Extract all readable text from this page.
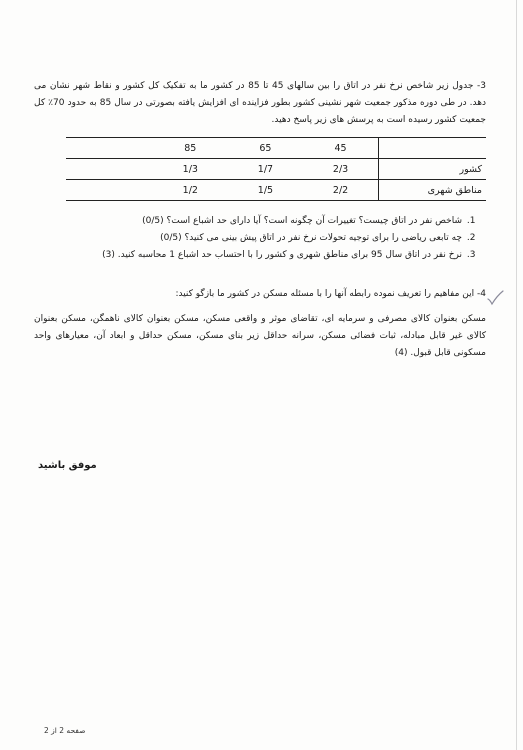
3- جدول زیر شاخص نرخ نفر در اتاق را بین سالهای 45 تا 85 در کشور ما به تفکیک کل کشور و نقاط شهر نشان می دهد. در طی دوره مذکور جمعیت شهر نشینی کشور بطور فزاینده ای افزایش یافته بصورتی در سال 85 به حدود 70٪ کل جمعیت کشور رسیده است به پرسش های زیر پاسخ دهید.

	45	65	85	
کشور	2/3	1/7	1/3	
مناطق شهری	2/2	1/5	1/2	
1. شاخص نفر در اتاق چیست؟ تغییرات آن چگونه است؟ آیا دارای حد اشباع است؟ (0/5)
2. چه تابعی ریاضی را برای توجیه تحولات نرخ نفر در اتاق پیش بینی می کنید؟ (0/5)
3. نرخ نفر در اتاق سال 95 برای مناطق شهری و کشور را با احتساب حد اشباع 1 محاسبه کنید. (3)

4- این مفاهیم را تعریف نموده رابطه آنها را با مسئله مسکن در کشور ما بازگو کنید:

مسکن بعنوان کالای مصرفی و سرمایه ای، تقاضای موثر و واقعی مسکن، مسکن بعنوان کالای ناهمگن، مسکن بعنوان کالای غیر قابل مبادله، ثبات فضائی مسکن، سرانه حداقل زیر بنای مسکن، مسکن حداقل و ابعاد آن، معیارهای واحد مسکونی قابل قبول. (4)

موفق باشید
صفحه 2 از 2
